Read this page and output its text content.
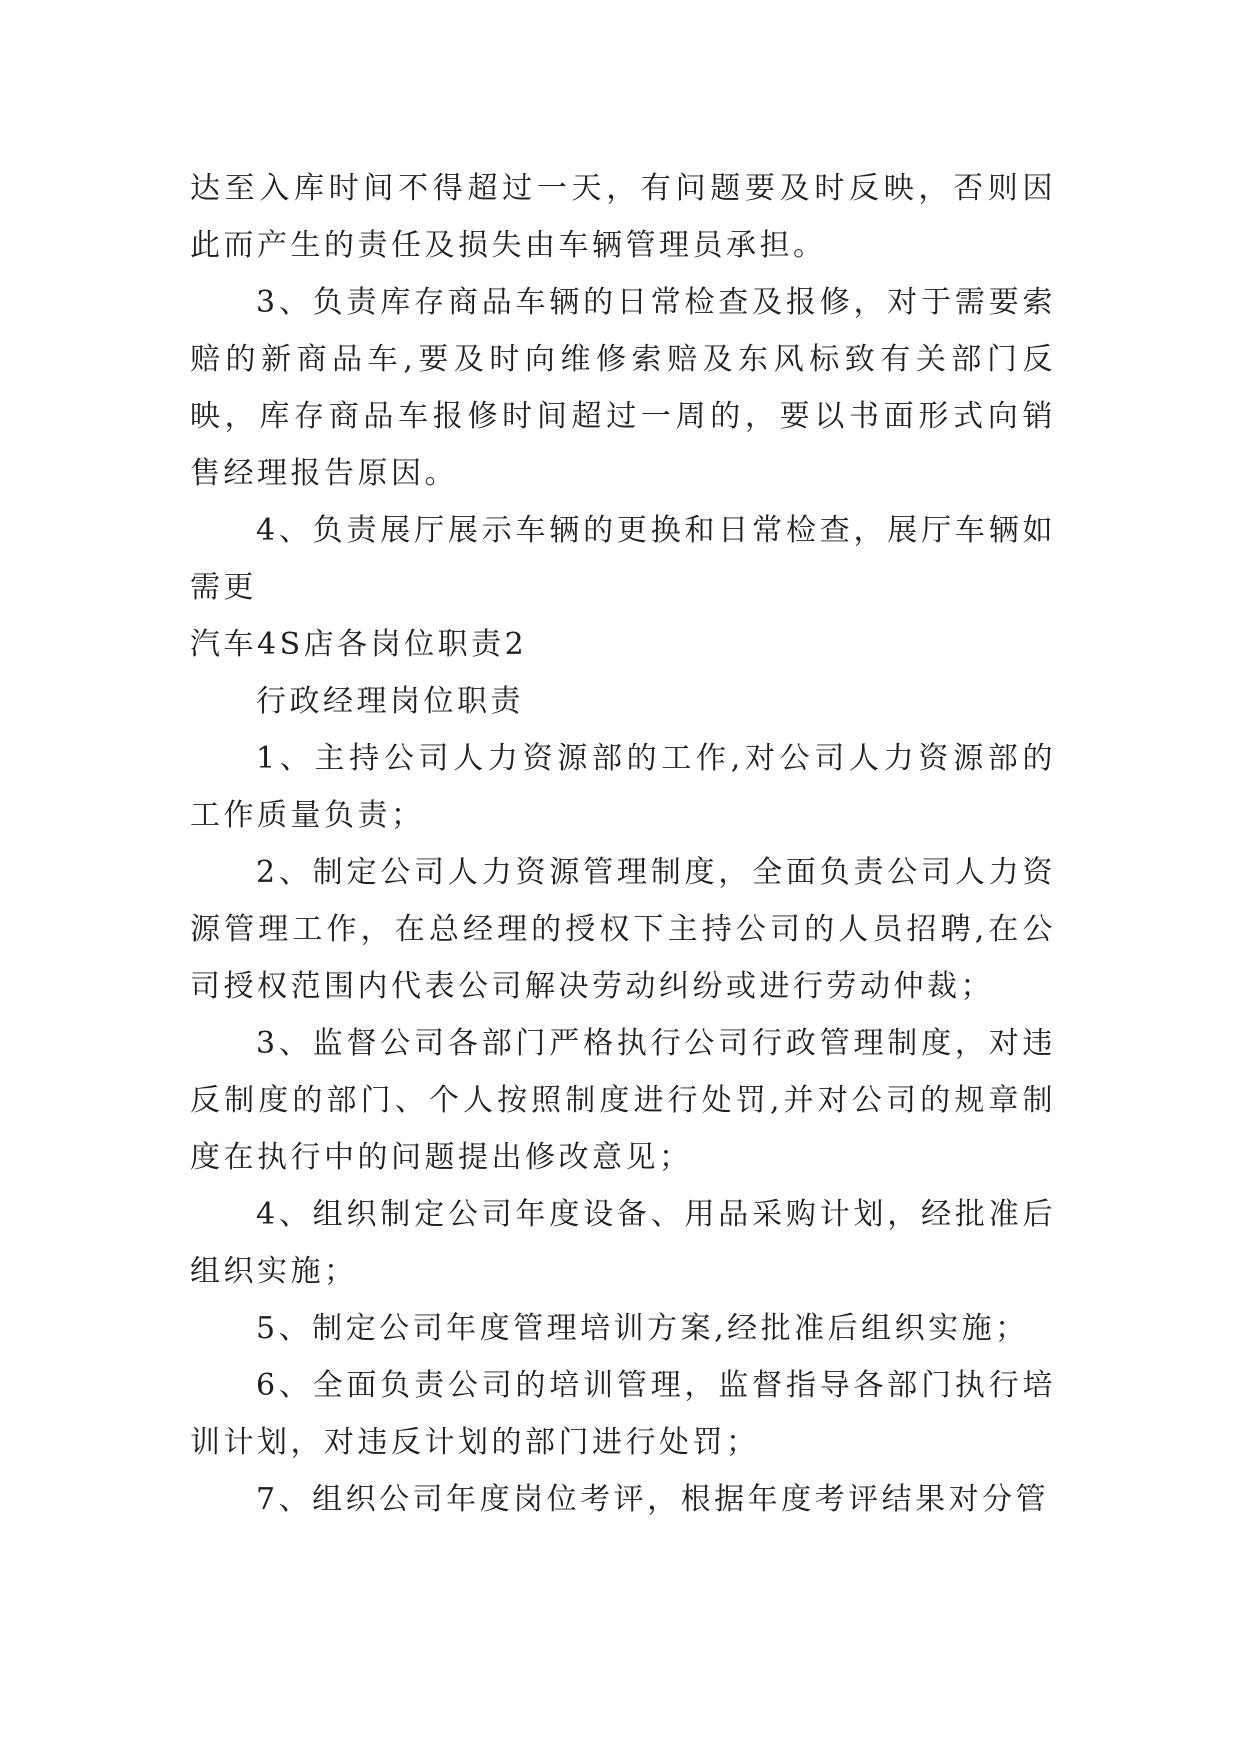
达至入库时间不得超过一天，有问题要及时反映，否则因此而产生的责任及损失由车辆管理员承担。

3、负责库存商品车辆的日常检查及报修，对于需要索赔的新商品车,要及时向维修索赔及东风标致有关部门反映，库存商品车报修时间超过一周的，要以书面形式向销售经理报告原因。

4、负责展厅展示车辆的更换和日常检查，展厅车辆如需更

汽车4S店各岗位职责2

行政经理岗位职责

1、主持公司人力资源部的工作,对公司人力资源部的工作质量负责；

2、制定公司人力资源管理制度，全面负责公司人力资源管理工作，在总经理的授权下主持公司的人员招聘,在公司授权范围内代表公司解决劳动纠纷或进行劳动仲裁；

3、监督公司各部门严格执行公司行政管理制度，对违反制度的部门、个人按照制度进行处罚,并对公司的规章制度在执行中的问题提出修改意见；

4、组织制定公司年度设备、用品采购计划，经批准后组织实施；

5、制定公司年度管理培训方案,经批准后组织实施；

6、全面负责公司的培训管理，监督指导各部门执行培训计划，对违反计划的部门进行处罚；

7、组织公司年度岗位考评，根据年度考评结果对分管
